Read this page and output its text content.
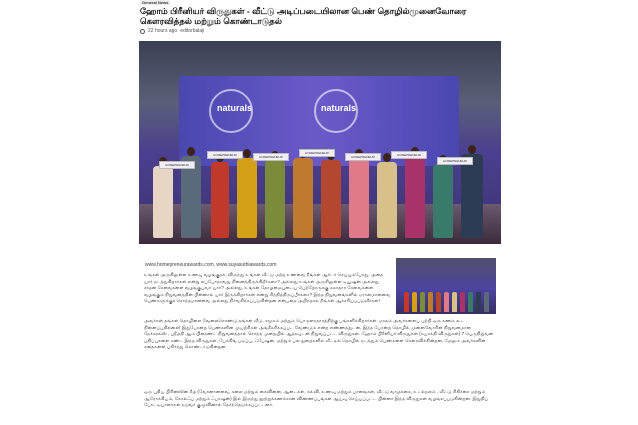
General News
ஹோம் பிரீனியர் விருதுகள் - வீட்டு அடிப்படையிலான பெண் தொழில்முனைவோரை கௌரவித்தல் மற்றும் கொண்டாடுதல்
22 hours ago editorbalaji
naturals	naturals
HOMEPRENEUR
HOMEPRENEUR	HOMEPRENEUR
HOMEPRENEUR
HOMEPRENEUR	HOMEPRENEUR
HOMEPRENEUR
www.homepreneurawards.com, www.suyasuthiawards.com

உங்கள் அருகிலுள்ள உணவு வழங்குநர், விருந்து உங்கள் வீட்டு மற்ற உணவை நீங்கள் ஆர்டர் செய்யும்போது, அதை யார் நடத்துகிறார்கள் என்று எப்போதாவது நினைத்திருக்கிறீர்களா? அல்லது உங்கள் அருகிலுள்ள டியூஷன் அல்லது சாதன சேவைகளை வழங்குபவர் யார்? அல்லது, உங்கள் தோழமையுடைய பெற்றோருக்கு சுகாதார சேவைகளை வழங்கும் நிறுவனத்தின் பின்னால் யார் இருக்கிறார்கள் என்று சிந்தித்திருப்பீர்களா? இந்த நிறுவனங்களில் ஏராளமானவை பெண்களுக்குச் சொந்தமானவை அல்லது நிர்வகிக்கப்படுகின்றன என்பதை அறிந்தால் நீங்கள் ஆச்சரியப்படுவீர்கள்!

அவர்கள் தங்கள் தொழிலை வேலைகொண்டு தங்கள் வீடு, சமூகம் மற்றும் பொருளாதாரத்திற்கு பங்களிக்கிறார்கள். மாதம் அவர்களைப் பற்றி ஒரு கணம் கூட நினைப்பதில்லை! இதுபோன்ற பெண்களின் முயற்சிகள் அங்கீகரிக்கப்பட வேண்டும் என்ற எண்ணத்துடன், இந்த போன்ற தொழில் முனைவோரின் நிறுவனமான நேச்சுரல்ஸ் , ஸ்ரீமதி ஆம் பிரைண்ட் நிறுவனத்தால் சொந்த முறையில் ஆதரவுடன் நிறுவப்பட்ட விருதுகள். ஹோம் பிரீனியர் விருதுகள் (சுயசக்தி விருதுகள்) 7 பெருநிறுவன பதிப்புகளை கண்ட இந்த விருதுகள், பேக்கிங் படிப்பு, ஃபேஷன், மற்றும் பல துறைகளில் வீட்டில் தொழில் நடத்தும் பெண்களை கௌரவிக்கின்றன, மேலும் அவர்களின் கதைகளை பகிர்ந்து கொண்டாடுகின்றன.

ஒரு புதிய பிசினஸின் கீழ் (வோனானவை, கலை மற்றும் கைவினை, ஆடைகள், கல்வி, உணவு மற்றும் பானங்கள், வீட்டு வாழ்க்கை, உடல்நலம் , வீட்டு சிகிச்சை மற்றும் ஆரோக்கியம், கோல்ஃப் மற்றும் ஃபாஷன்) இல் இருந்து நூற்றுக்கணக்கான விண்ணப்பங்கள் ஆய்வு செய்யப்பட்ட பின்னர் இந்த விருதுகள் வழங்கப்படுகின்றன. இறுதிப் போட்டியாளர்கள் நடுவர் குழுவினால் தேர்ந்தெடுக்கப்பட்டனர்.
